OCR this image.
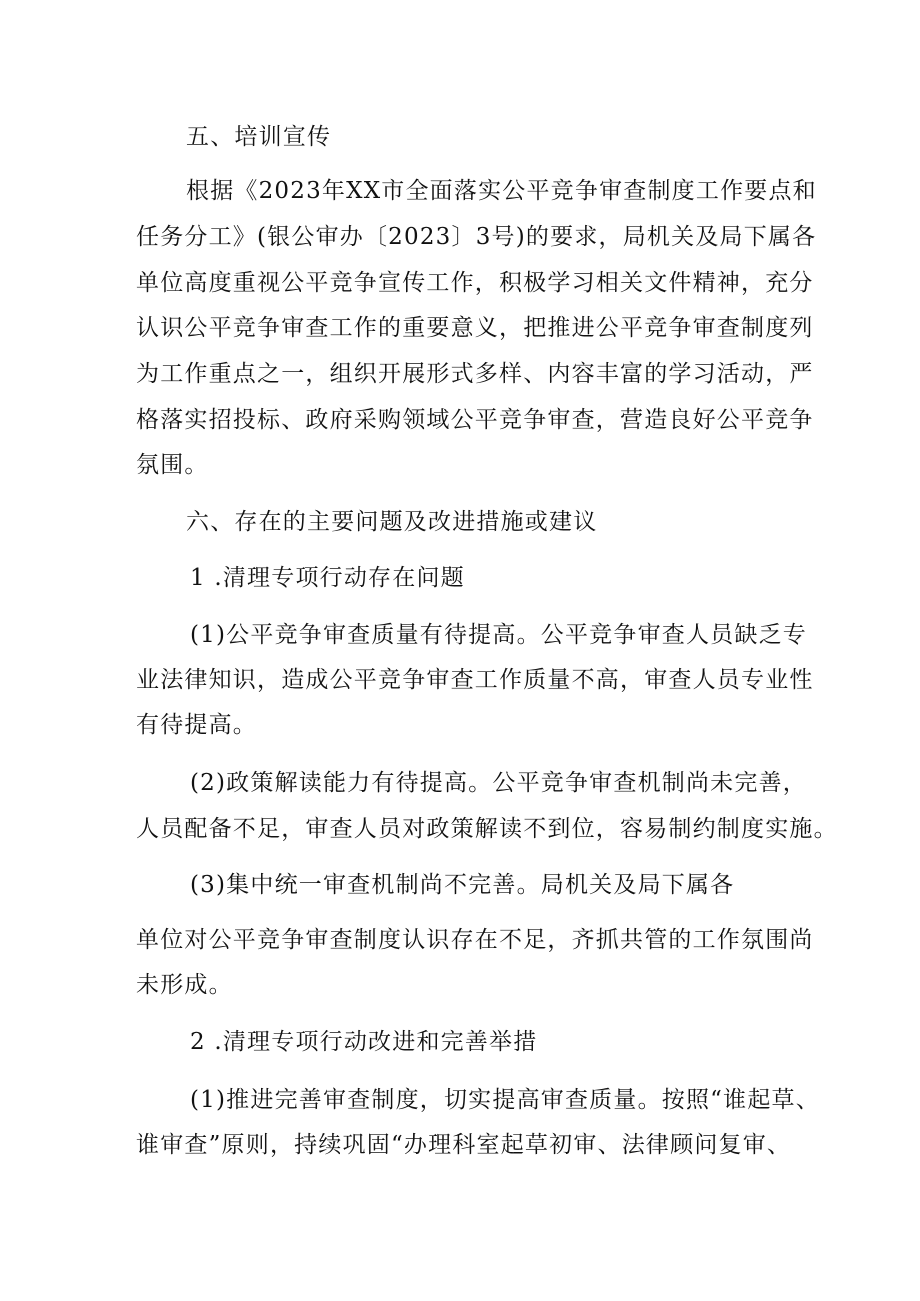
五、培训宣传
根据《2023年XX市全面落实公平竞争审查制度工作要点和
任务分工》(银公审办〔2023〕3号)的要求，局机关及局下属各
单位高度重视公平竞争宣传工作，积极学习相关文件精神，充分
认识公平竞争审查工作的重要意义，把推进公平竞争审查制度列
为工作重点之一，组织开展形式多样、内容丰富的学习活动，严
格落实招投标、政府采购领域公平竞争审查，营造良好公平竞争
氛围。
六、存在的主要问题及改进措施或建议
1 .清理专项行动存在问题
(1)公平竞争审查质量有待提高。公平竞争审查人员缺乏专
业法律知识，造成公平竞争审查工作质量不高，审查人员专业性
有待提高。
(2)政策解读能力有待提高。公平竞争审查机制尚未完善，
人员配备不足，审查人员对政策解读不到位，容易制约制度实施。
(3)集中统一审查机制尚不完善。局机关及局下属各
单位对公平竞争审查制度认识存在不足，齐抓共管的工作氛围尚
未形成。
2 .清理专项行动改进和完善举措
(1)推进完善审查制度，切实提高审查质量。按照“谁起草、
谁审查”原则，持续巩固“办理科室起草初审、法律顾问复审、
